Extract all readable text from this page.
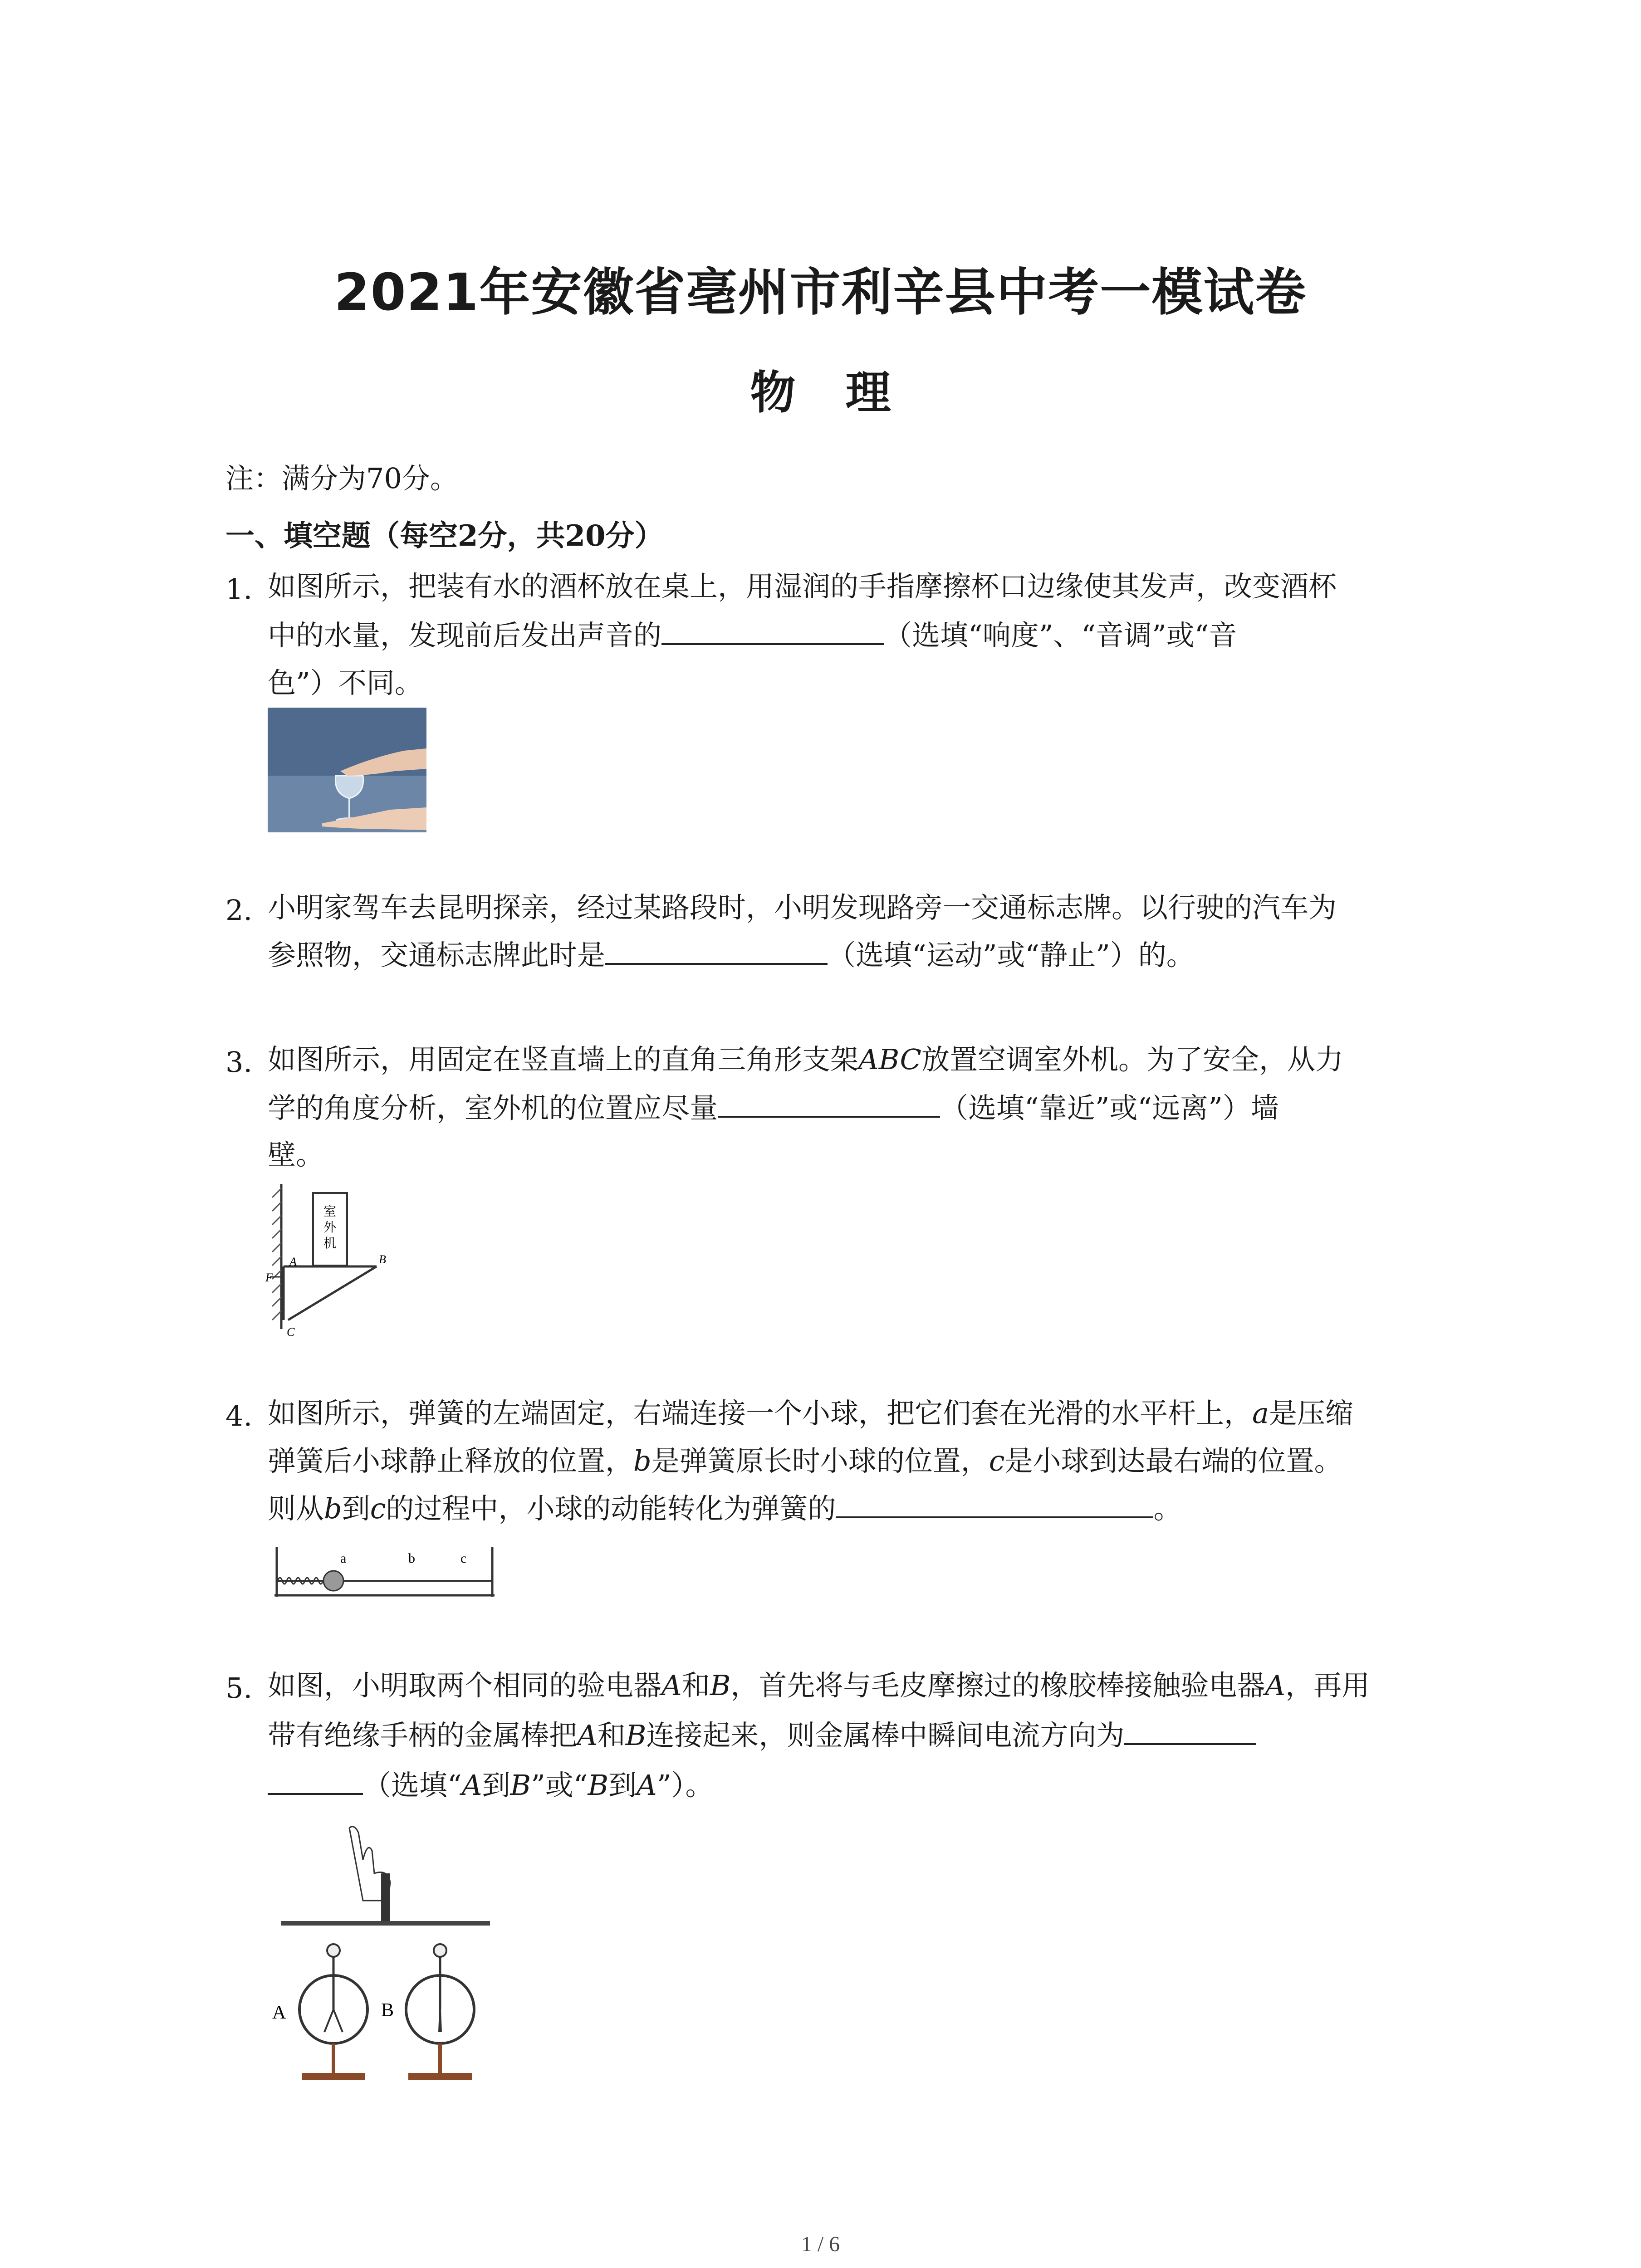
2021年安徽省亳州市利辛县中考一模试卷
物理
注：满分为70分。
一、填空题（每空2分，共20分）
1. 如图所示，把装有水的酒杯放在桌上，用湿润的手指摩擦杯口边缘使其发声，改变酒杯
中的水量，发现前后发出声音的	（选填“响度”、“音调”或“音
色”）不同。
2. 小明家驾车去昆明探亲，经过某路段时，小明发现路旁一交通标志牌。以行驶的汽车为
参照物，交通标志牌此时是	（选填“运动”或“静止”）的。
3. 如图所示，用固定在竖直墙上的直角三角形支架ABC放置空调室外机。为了安全，从力
学的角度分析，室外机的位置应尽量	（选填“靠近”或“远离”）墙
壁。
室
外
机
A	B
C
F
4. 如图所示，弹簧的左端固定，右端连接一个小球，把它们套在光滑的水平杆上，a是压缩
弹簧后小球静止释放的位置，b是弹簧原长时小球的位置，c是小球到达最右端的位置。
则从b到c的过程中，小球的动能转化为弹簧的	。
a	b	c
5. 如图，小明取两个相同的验电器A和B，首先将与毛皮摩擦过的橡胶棒接触验电器A，再用
带有绝缘手柄的金属棒把A和B连接起来，则金属棒中瞬间电流方向为
（选填“A到B”或“B到A”）。
A	B
1 / 6
